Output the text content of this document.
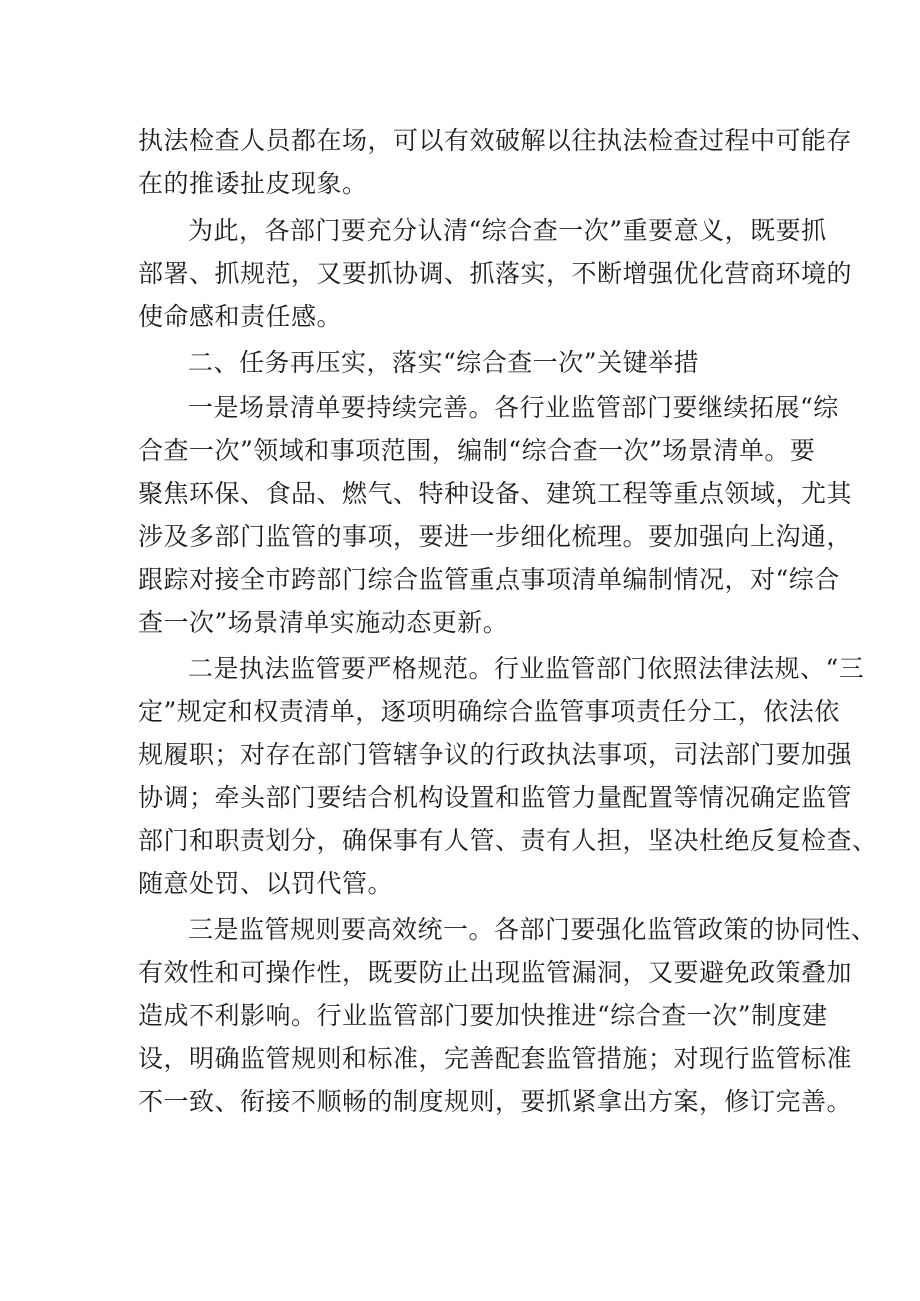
执法检查人员都在场，可以有效破解以往执法检查过程中可能存
在的推诿扯皮现象。
为此，各部门要充分认清“综合查一次”重要意义，既要抓
部署、抓规范，又要抓协调、抓落实，不断增强优化营商环境的
使命感和责任感。
二、任务再压实，落实“综合查一次”关键举措
一是场景清单要持续完善。各行业监管部门要继续拓展“综
合查一次”领域和事项范围，编制“综合查一次”场景清单。要
聚焦环保、食品、燃气、特种设备、建筑工程等重点领域，尤其
涉及多部门监管的事项，要进一步细化梳理。要加强向上沟通，
跟踪对接全市跨部门综合监管重点事项清单编制情况，对“综合
查一次”场景清单实施动态更新。
二是执法监管要严格规范。行业监管部门依照法律法规、“三
定”规定和权责清单，逐项明确综合监管事项责任分工，依法依
规履职；对存在部门管辖争议的行政执法事项，司法部门要加强
协调；牵头部门要结合机构设置和监管力量配置等情况确定监管
部门和职责划分，确保事有人管、责有人担，坚决杜绝反复检查、
随意处罚、以罚代管。
三是监管规则要高效统一。各部门要强化监管政策的协同性、
有效性和可操作性，既要防止出现监管漏洞，又要避免政策叠加
造成不利影响。行业监管部门要加快推进“综合查一次”制度建
设，明确监管规则和标准，完善配套监管措施；对现行监管标准
不一致、衔接不顺畅的制度规则，要抓紧拿出方案，修订完善。
